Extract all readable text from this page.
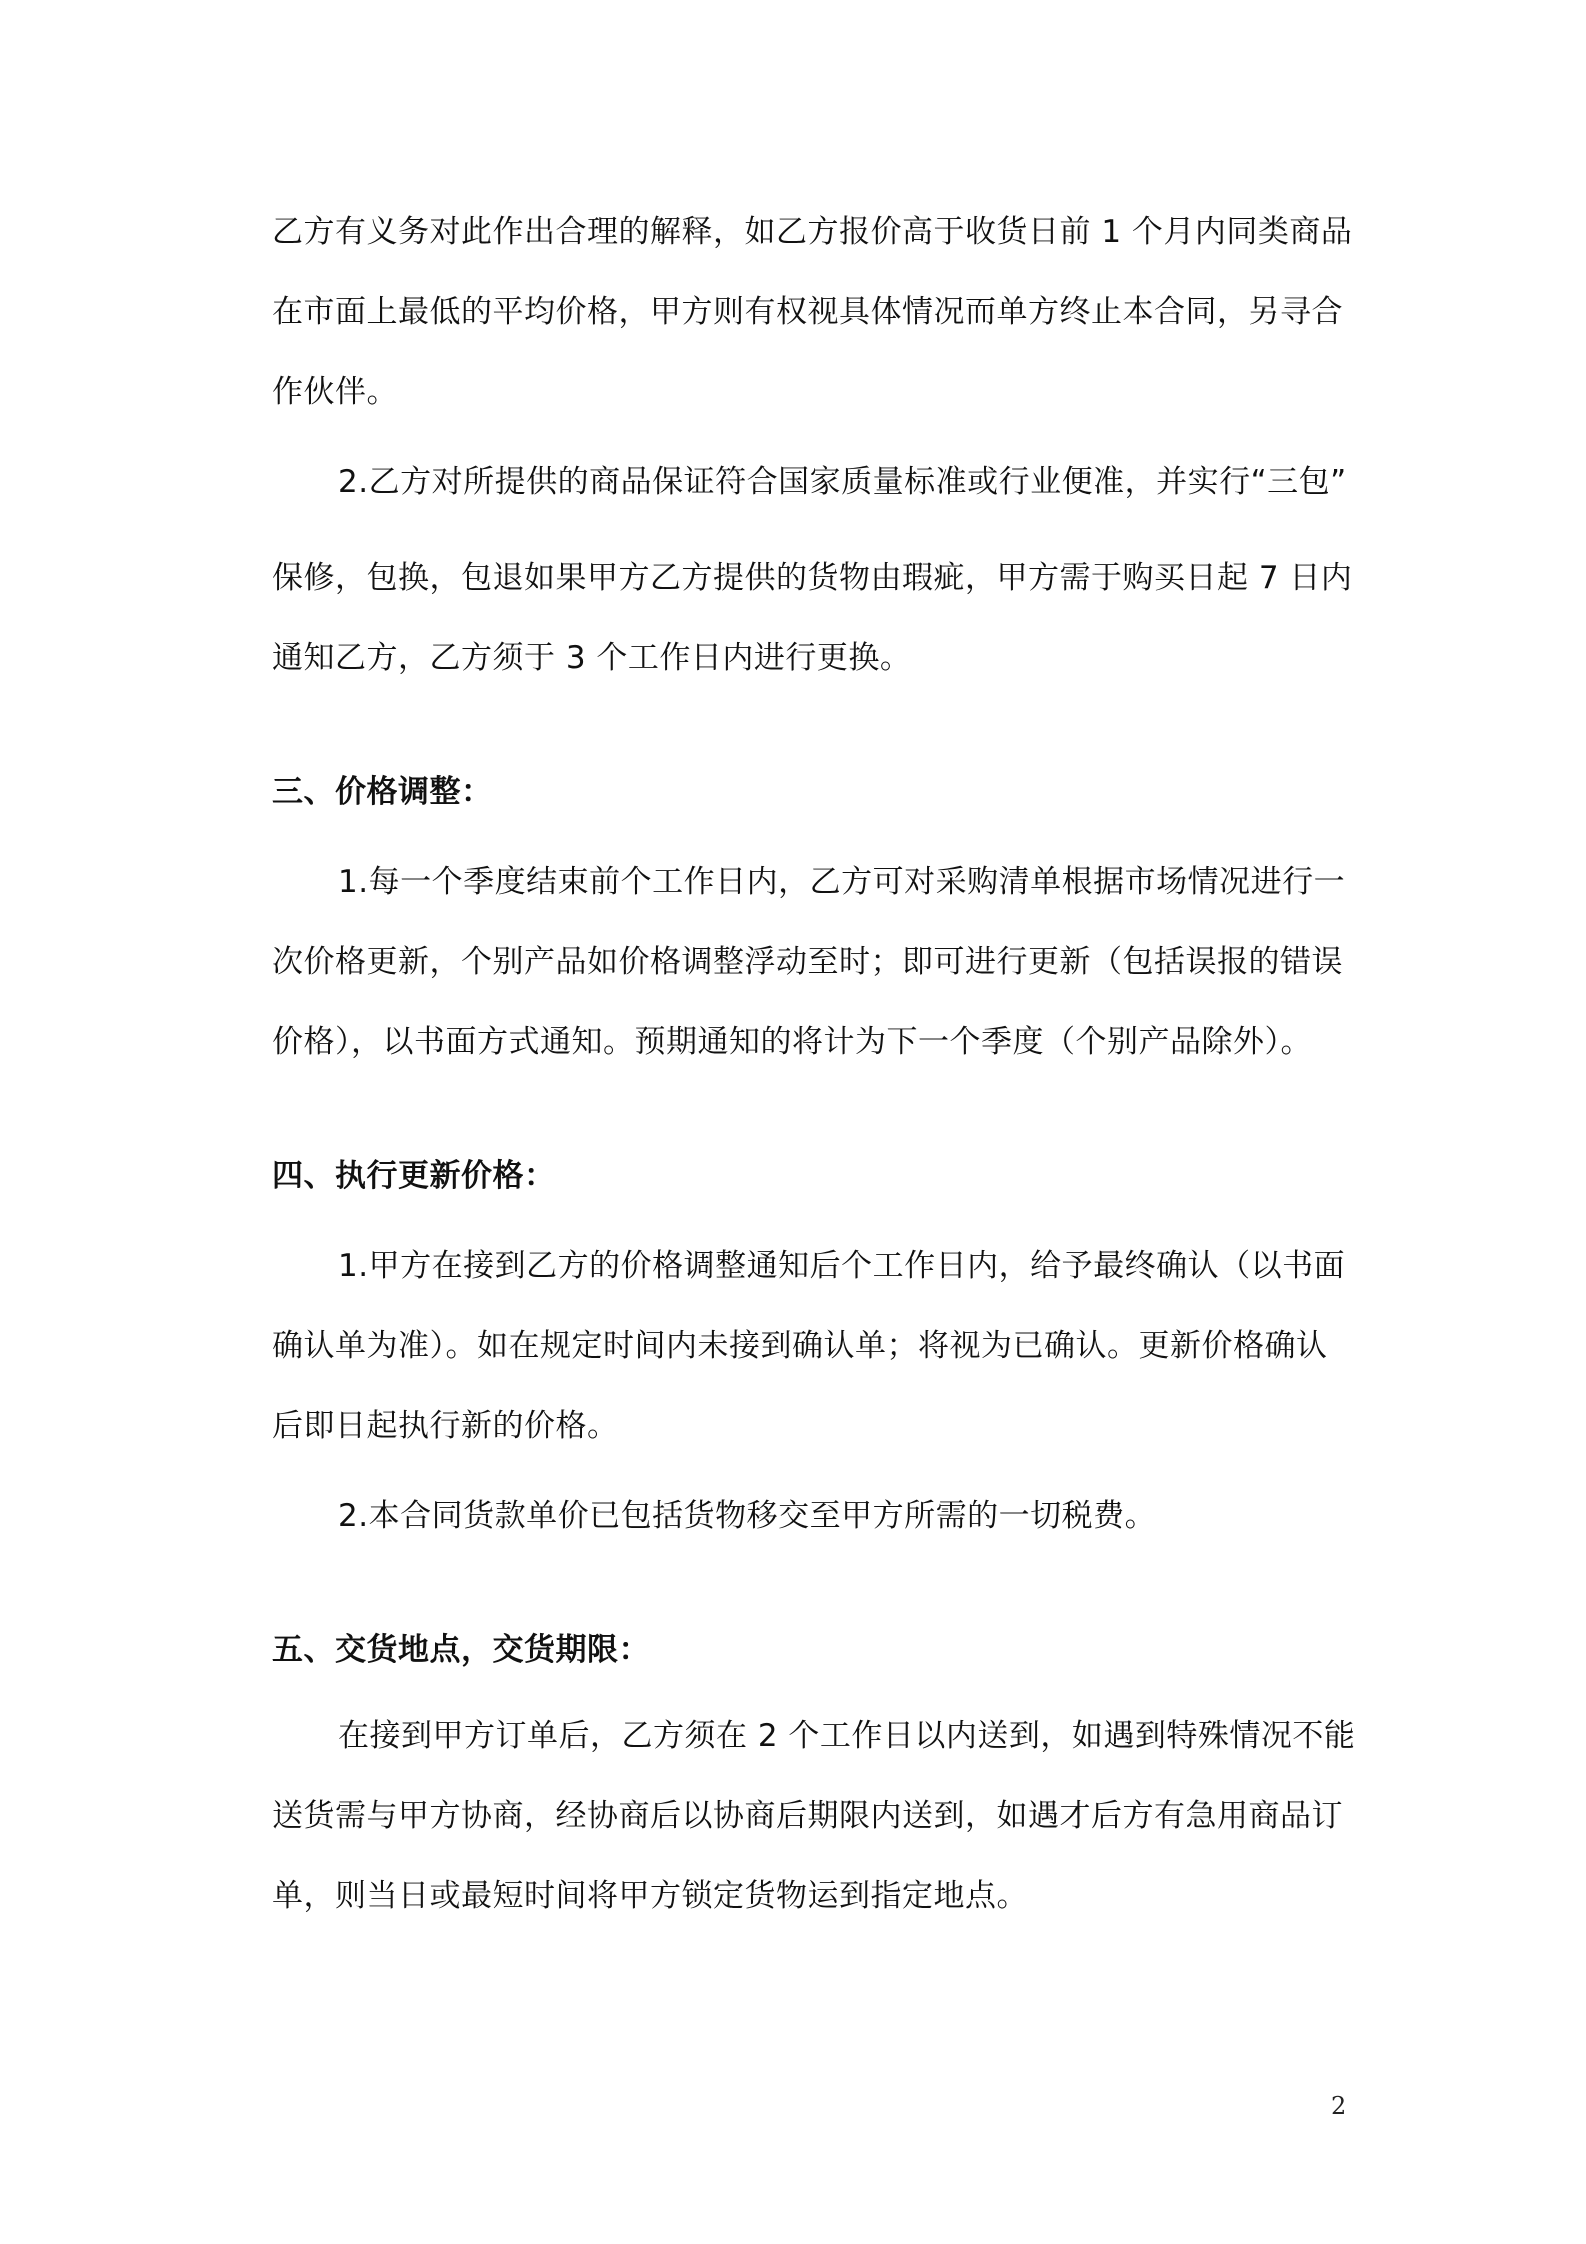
乙方有义务对此作出合理的解释，如乙方报价高于收货日前 1 个月内同类商品

在市面上最低的平均价格，甲方则有权视具体情况而单方终止本合同，另寻合

作伙伴。

2.乙方对所提供的商品保证符合国家质量标准或行业便准，并实行“三包”

保修，包换，包退如果甲方乙方提供的货物由瑕疵，甲方需于购买日起 7 日内

通知乙方，乙方须于 3 个工作日内进行更换。

三、价格调整：

1.每一个季度结束前个工作日内，乙方可对采购清单根据市场情况进行一

次价格更新，个别产品如价格调整浮动至时；即可进行更新（包括误报的错误

价格），以书面方式通知。预期通知的将计为下一个季度（个别产品除外）。

四、执行更新价格：

1.甲方在接到乙方的价格调整通知后个工作日内，给予最终确认（以书面

确认单为准）。如在规定时间内未接到确认单；将视为已确认。更新价格确认

后即日起执行新的价格。

2.本合同货款单价已包括货物移交至甲方所需的一切税费。

五、交货地点，交货期限：

在接到甲方订单后，乙方须在 2 个工作日以内送到，如遇到特殊情况不能

送货需与甲方协商，经协商后以协商后期限内送到，如遇才后方有急用商品订

单，则当日或最短时间将甲方锁定货物运到指定地点。

2
